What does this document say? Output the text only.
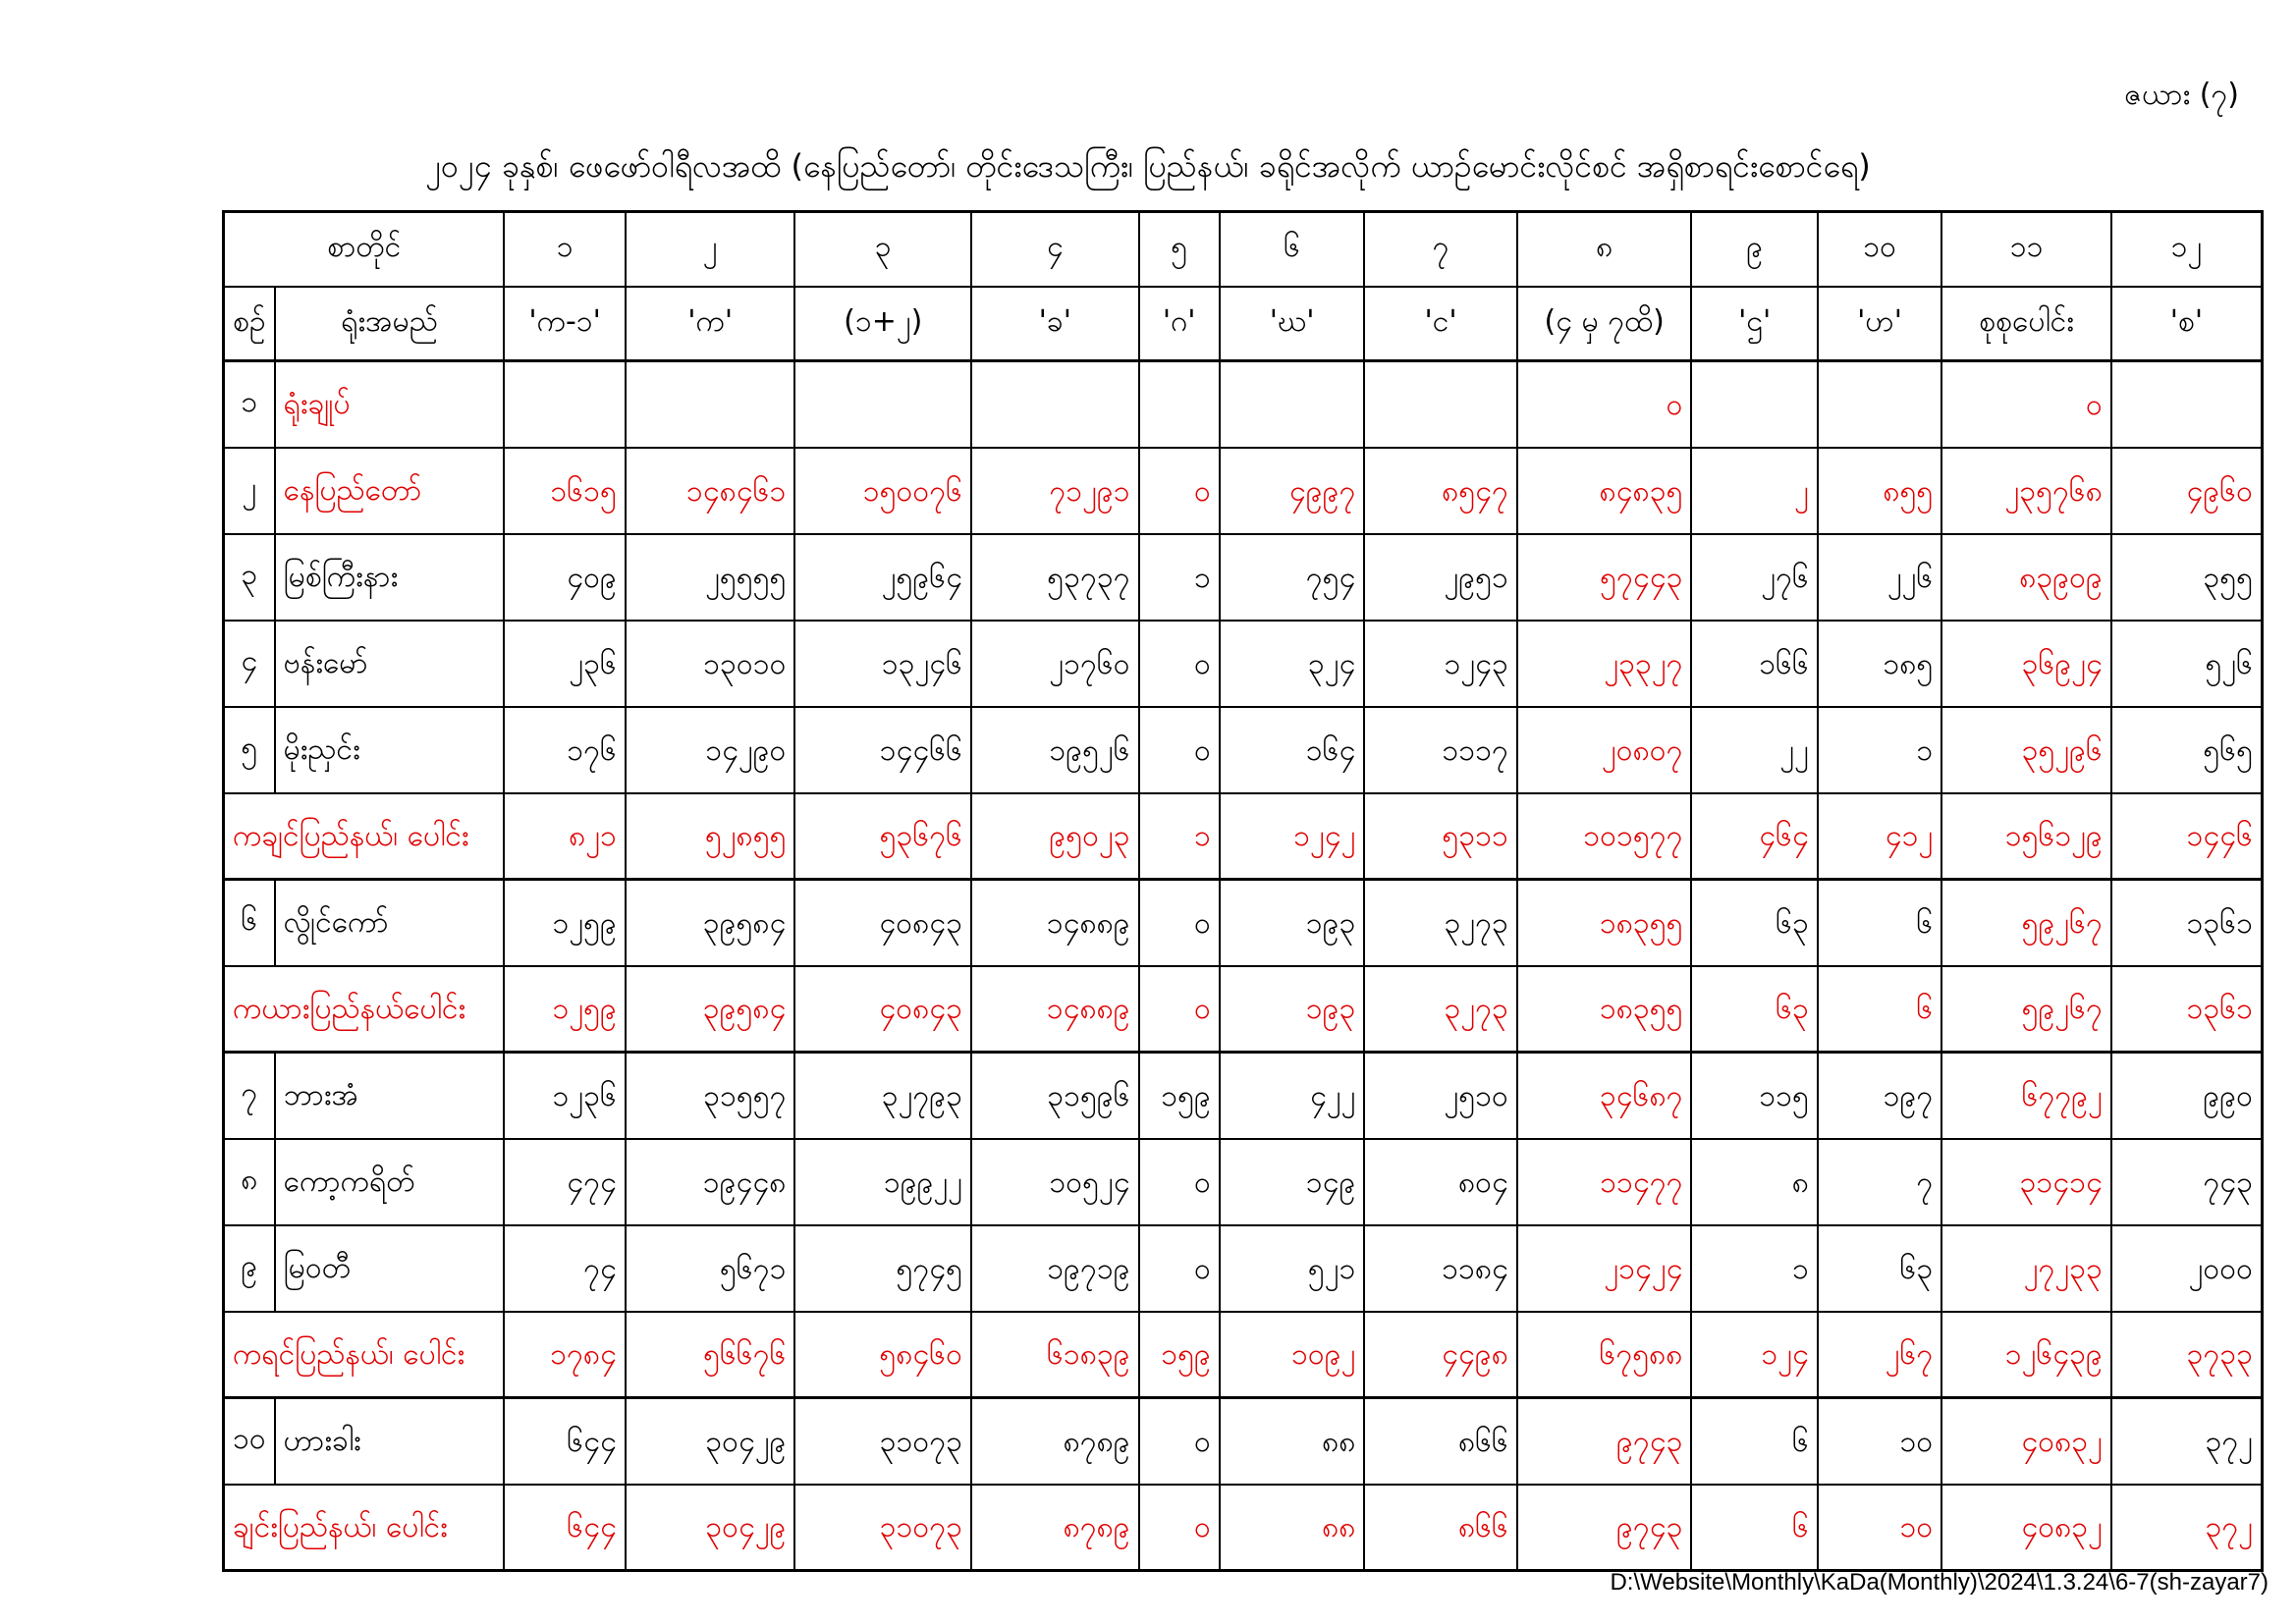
ဇယား (၇)
၂၀၂၄ ခုနှစ်၊ ဖေဖော်ဝါရီလအထိ (နေပြည်တော်၊ တိုင်းဒေသကြီး၊ ပြည်နယ်၊ ခရိုင်အလိုက် ယာဉ်မောင်းလိုင်စင် အရှိစာရင်းစောင်ရေ)
စာတိုင်		၁	၂	၃	၄	၅	၆	၇	၈	၉	၁၀	၁၁	၁၂
စဉ်	ရုံးအမည်	'က-၁'	'က'	(၁+၂)	'ခ'	'ဂ'	'ဃ'	'င'	(၄ မှ ၇ထိ)	'ဌ'	'ဟ'	စုစုပေါင်း	'စ'
၁	ရုံးချုပ်								၀			၀	
၂	နေပြည်တော်	၁၆၁၅	၁၄၈၄၆၁	၁၅၀၀၇၆	၇၁၂၉၁	၀	၄၉၉၇	၈၅၄၇	၈၄၈၃၅	၂	၈၅၅	၂၃၅၇၆၈	၄၉၆၀
၃	မြစ်ကြီးနား	၄၀၉	၂၅၅၅၅	၂၅၉၆၄	၅၃၇၃၇	၁	၇၅၄	၂၉၅၁	၅၇၄၄၃	၂၇၆	၂၂၆	၈၃၉၀၉	၃၅၅
၄	ဗန်းမော်	၂၃၆	၁၃၀၁၀	၁၃၂၄၆	၂၁၇၆၀	၀	၃၂၄	၁၂၄၃	၂၃၃၂၇	၁၆၆	၁၈၅	၃၆၉၂၄	၅၂၆
၅	မိုးညှင်း	၁၇၆	၁၄၂၉၀	၁၄၄၆၆	၁၉၅၂၆	၀	၁၆၄	၁၁၁၇	၂၀၈၀၇	၂၂	၁	၃၅၂၉၆	၅၆၅
ကချင်ပြည်နယ်၊ ပေါင်း		၈၂၁	၅၂၈၅၅	၅၃၆၇၆	၉၅၀၂၃	၁	၁၂၄၂	၅၃၁၁	၁၀၁၅၇၇	၄၆၄	၄၁၂	၁၅၆၁၂၉	၁၄၄၆
၆	လွိုင်ကော်	၁၂၅၉	၃၉၅၈၄	၄၀၈၄၃	၁၄၈၈၉	၀	၁၉၃	၃၂၇၃	၁၈၃၅၅	၆၃	၆	၅၉၂၆၇	၁၃၆၁
ကယားပြည်နယ်ပေါင်း		၁၂၅၉	၃၉၅၈၄	၄၀၈၄၃	၁၄၈၈၉	၀	၁၉၃	၃၂၇၃	၁၈၃၅၅	၆၃	၆	၅၉၂၆၇	၁၃၆၁
၇	ဘားအံ	၁၂၃၆	၃၁၅၅၇	၃၂၇၉၃	၃၁၅၉၆	၁၅၉	၄၂၂	၂၅၁၀	၃၄၆၈၇	၁၁၅	၁၉၇	၆၇၇၉၂	၉၉၀
၈	ကော့ကရိတ်	၄၇၄	၁၉၄၄၈	၁၉၉၂၂	၁၀၅၂၄	၀	၁၄၉	၈၀၄	၁၁၄၇၇	၈	၇	၃၁၄၁၄	၇၄၃
၉	မြဝတီ	၇၄	၅၆၇၁	၅၇၄၅	၁၉၇၁၉	၀	၅၂၁	၁၁၈၄	၂၁၄၂၄	၁	၆၃	၂၇၂၃၃	၂၀၀၀
ကရင်ပြည်နယ်၊ ပေါင်း		၁၇၈၄	၅၆၆၇၆	၅၈၄၆၀	၆၁၈၃၉	၁၅၉	၁၀၉၂	၄၄၉၈	၆၇၅၈၈	၁၂၄	၂၆၇	၁၂၆၄၃၉	၃၇၃၃
၁၀	ဟားခါး	၆၄၄	၃၀၄၂၉	၃၁၀၇၃	၈၇၈၉	၀	၈၈	၈၆၆	၉၇၄၃	၆	၁၀	၄၀၈၃၂	၃၇၂
ချင်းပြည်နယ်၊ ပေါင်း		၆၄၄	၃၀၄၂၉	၃၁၀၇၃	၈၇၈၉	၀	၈၈	၈၆၆	၉၇၄၃	၆	၁၀	၄၀၈၃၂	၃၇၂
D:\Website\Monthly\KaDa(Monthly)\2024\1.3.24\6-7(sh-zayar7)
